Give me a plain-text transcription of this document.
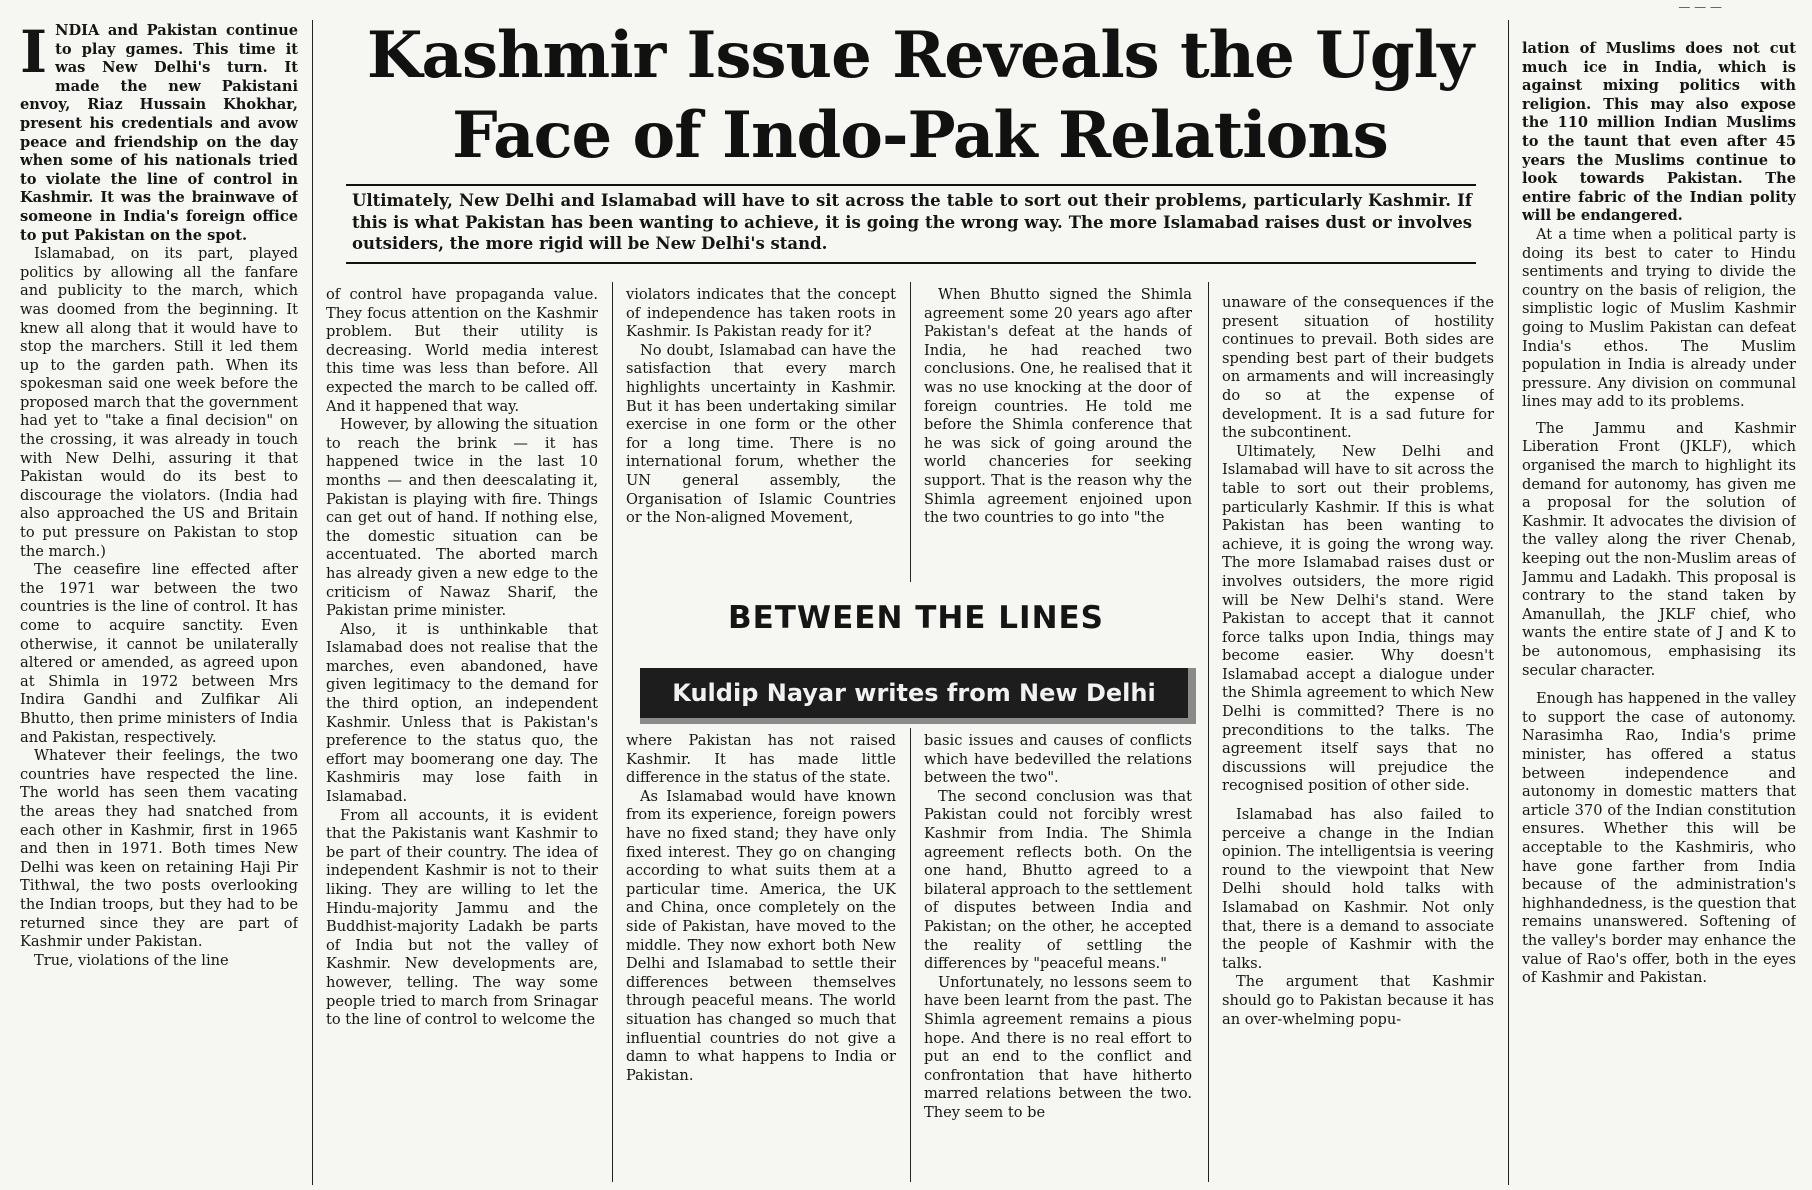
— — —
I NDIA and Pakistan continue to play games. This time it was New Delhi's turn. It made the new Pakistani envoy, Riaz Hussain Khokhar, present his credentials and avow peace and friendship on the day when some of his nationals tried to violate the line of control in Kashmir. It was the brainwave of someone in India's foreign office to put Pakistan on the spot.

Islamabad, on its part, played politics by allowing all the fanfare and publicity to the march, which was doomed from the beginning. It knew all along that it would have to stop the marchers. Still it led them up to the garden path. When its spokesman said one week before the proposed march that the government had yet to "take a final decision" on the crossing, it was already in touch with New Delhi, assuring it that Pakistan would do its best to discourage the violators. (India had also approached the US and Britain to put pressure on Pakistan to stop the march.)

The ceasefire line effected after the 1971 war between the two countries is the line of control. It has come to acquire sanctity. Even otherwise, it cannot be unilaterally altered or amended, as agreed upon at Shimla in 1972 between Mrs Indira Gandhi and Zulfikar Ali Bhutto, then prime ministers of India and Pakistan, respectively.

Whatever their feelings, the two countries have respected the line. The world has seen them vacating the areas they had snatched from each other in Kashmir, first in 1965 and then in 1971. Both times New Delhi was keen on retaining Haji Pir Tithwal, the two posts overlooking the Indian troops, but they had to be returned since they are part of Kashmir under Pakistan.

True, violations of the line

Kashmir Issue Reveals the Ugly
Face of Indo-Pak Relations
Ultimately, New Delhi and Islamabad will have to sit across the table to sort out their problems, particularly Kashmir. If this is what Pakistan has been wanting to achieve, it is going the wrong way. The more Islamabad raises dust or involves outsiders, the more rigid will be New Delhi's stand.

of control have propaganda value. They focus attention on the Kashmir problem. But their utility is decreasing. World media interest this time was less than before. All expected the march to be called off. And it happened that way.

However, by allowing the situation to reach the brink — it has happened twice in the last 10 months — and then deescalating it, Pakistan is playing with fire. Things can get out of hand. If nothing else, the domestic situation can be accentuated. The aborted march has already given a new edge to the criticism of Nawaz Sharif, the Pakistan prime minister.

Also, it is unthinkable that Islamabad does not realise that the marches, even abandoned, have given legitimacy to the demand for the third option, an independent Kashmir. Unless that is Pakistan's preference to the status quo, the effort may boomerang one day. The Kashmiris may lose faith in Islamabad.

From all accounts, it is evident that the Pakistanis want Kashmir to be part of their country. The idea of independent Kashmir is not to their liking. They are willing to let the Hindu-majority Jammu and the Buddhist-majority Ladakh be parts of India but not the valley of Kashmir. New developments are, however, telling. The way some people tried to march from Srinagar to the line of control to welcome the

violators indicates that the concept of independence has taken roots in Kashmir. Is Pakistan ready for it?

No doubt, Islamabad can have the satisfaction that every march highlights uncertainty in Kashmir. But it has been undertaking similar exercise in one form or the other for a long time. There is no international forum, whether the UN general assembly, the Organisation of Islamic Countries or the Non-aligned Movement,

When Bhutto signed the Shimla agreement some 20 years ago after Pakistan's defeat at the hands of India, he had reached two conclusions. One, he realised that it was no use knocking at the door of foreign countries. He told me before the Shimla conference that he was sick of going around the world chanceries for seeking support. That is the reason why the Shimla agreement enjoined upon the two countries to go into "the

BETWEEN THE LINES
Kuldip Nayar writes from New Delhi

where Pakistan has not raised Kashmir. It has made little difference in the status of the state.

As Islamabad would have known from its experience, foreign powers have no fixed stand; they have only fixed interest. They go on changing according to what suits them at a particular time. America, the UK and China, once completely on the side of Pakistan, have moved to the middle. They now exhort both New Delhi and Islamabad to settle their differences between themselves through peaceful means. The world situation has changed so much that influential countries do not give a damn to what happens to India or Pakistan.

basic issues and causes of conflicts which have bedevilled the relations between the two".

The second conclusion was that Pakistan could not forcibly wrest Kashmir from India. The Shimla agreement reflects both. On the one hand, Bhutto agreed to a bilateral approach to the settlement of disputes between India and Pakistan; on the other, he accepted the reality of settling the differences by "peaceful means."

Unfortunately, no lessons seem to have been learnt from the past. The Shimla agreement remains a pious hope. And there is no real effort to put an end to the conflict and confrontation that have hitherto marred relations between the two. They seem to be

unaware of the consequences if the present situation of hostility continues to prevail. Both sides are spending best part of their budgets on armaments and will increasingly do so at the expense of development. It is a sad future for the subcontinent.

Ultimately, New Delhi and Islamabad will have to sit across the table to sort out their problems, particularly Kashmir. If this is what Pakistan has been wanting to achieve, it is going the wrong way. The more Islamabad raises dust or involves outsiders, the more rigid will be New Delhi's stand. Were Pakistan to accept that it cannot force talks upon India, things may become easier. Why doesn't Islamabad accept a dialogue under the Shimla agreement to which New Delhi is committed? There is no preconditions to the talks. The agreement itself says that no discussions will prejudice the recognised position of other side.

Islamabad has also failed to perceive a change in the Indian opinion. The intelligentsia is veering round to the viewpoint that New Delhi should hold talks with Islamabad on Kashmir. Not only that, there is a demand to associate the people of Kashmir with the talks.

The argument that Kashmir should go to Pakistan because it has an over-whelming popu-

lation of Muslims does not cut much ice in India, which is against mixing politics with religion. This may also expose the 110 million Indian Muslims to the taunt that even after 45 years the Muslims continue to look towards Pakistan. The entire fabric of the Indian polity will be endangered.

At a time when a political party is doing its best to cater to Hindu sentiments and trying to divide the country on the basis of religion, the simplistic logic of Muslim Kashmir going to Muslim Pakistan can defeat India's ethos. The Muslim population in India is already under pressure. Any division on communal lines may add to its problems.

The Jammu and Kashmir Liberation Front (JKLF), which organised the march to highlight its demand for autonomy, has given me a proposal for the solution of Kashmir. It advocates the division of the valley along the river Chenab, keeping out the non-Muslim areas of Jammu and Ladakh. This proposal is contrary to the stand taken by Amanullah, the JKLF chief, who wants the entire state of J and K to be autonomous, emphasising its secular character.

Enough has happened in the valley to support the case of autonomy. Narasimha Rao, India's prime minister, has offered a status between independence and autonomy in domestic matters that article 370 of the Indian constitution ensures. Whether this will be acceptable to the Kashmiris, who have gone farther from India because of the administration's highhandedness, is the question that remains unanswered. Softening of the valley's border may enhance the value of Rao's offer, both in the eyes of Kashmir and Pakistan.
